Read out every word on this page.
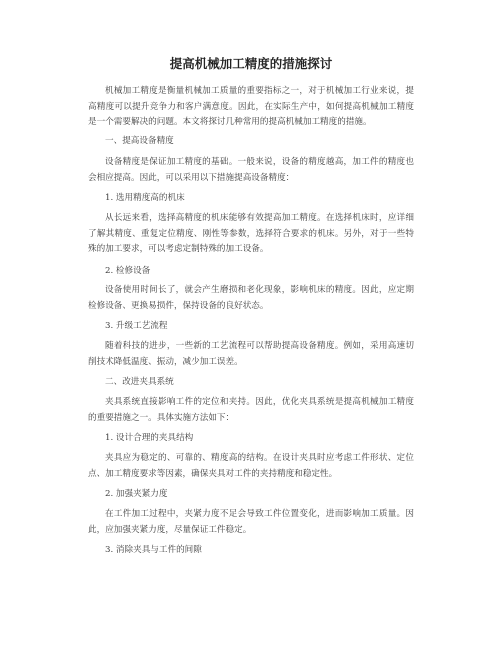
提高机械加工精度的措施探讨

机械加工精度是衡量机械加工质量的重要指标之一，对于机械加工行业来说，提高精度可以提升竞争力和客户满意度。因此，在实际生产中，如何提高机械加工精度是一个需要解决的问题。本文将探讨几种常用的提高机械加工精度的措施。

一、提高设备精度

设备精度是保证加工精度的基础。一般来说，设备的精度越高，加工件的精度也会相应提高。因此，可以采用以下措施提高设备精度：

1. 选用精度高的机床

从长远来看，选择高精度的机床能够有效提高加工精度。在选择机床时，应详细了解其精度、重复定位精度、刚性等参数，选择符合要求的机床。另外，对于一些特殊的加工要求，可以考虑定制特殊的加工设备。

2. 检修设备

设备使用时间长了，就会产生磨损和老化现象，影响机床的精度。因此，应定期检修设备、更换易损件，保持设备的良好状态。

3. 升级工艺流程

随着科技的进步，一些新的工艺流程可以帮助提高设备精度。例如，采用高速切削技术降低温度、振动，减少加工误差。

二、改进夹具系统

夹具系统直接影响工件的定位和夹持。因此，优化夹具系统是提高机械加工精度的重要措施之一。具体实施方法如下：

1. 设计合理的夹具结构

夹具应为稳定的、可靠的、精度高的结构。在设计夹具时应考虑工件形状、定位点、加工精度要求等因素，确保夹具对工件的夹持精度和稳定性。

2. 加强夹紧力度

在工件加工过程中，夹紧力度不足会导致工件位置变化，进而影响加工质量。因此，应加强夹紧力度，尽量保证工件稳定。

3. 消除夹具与工件的间隙
